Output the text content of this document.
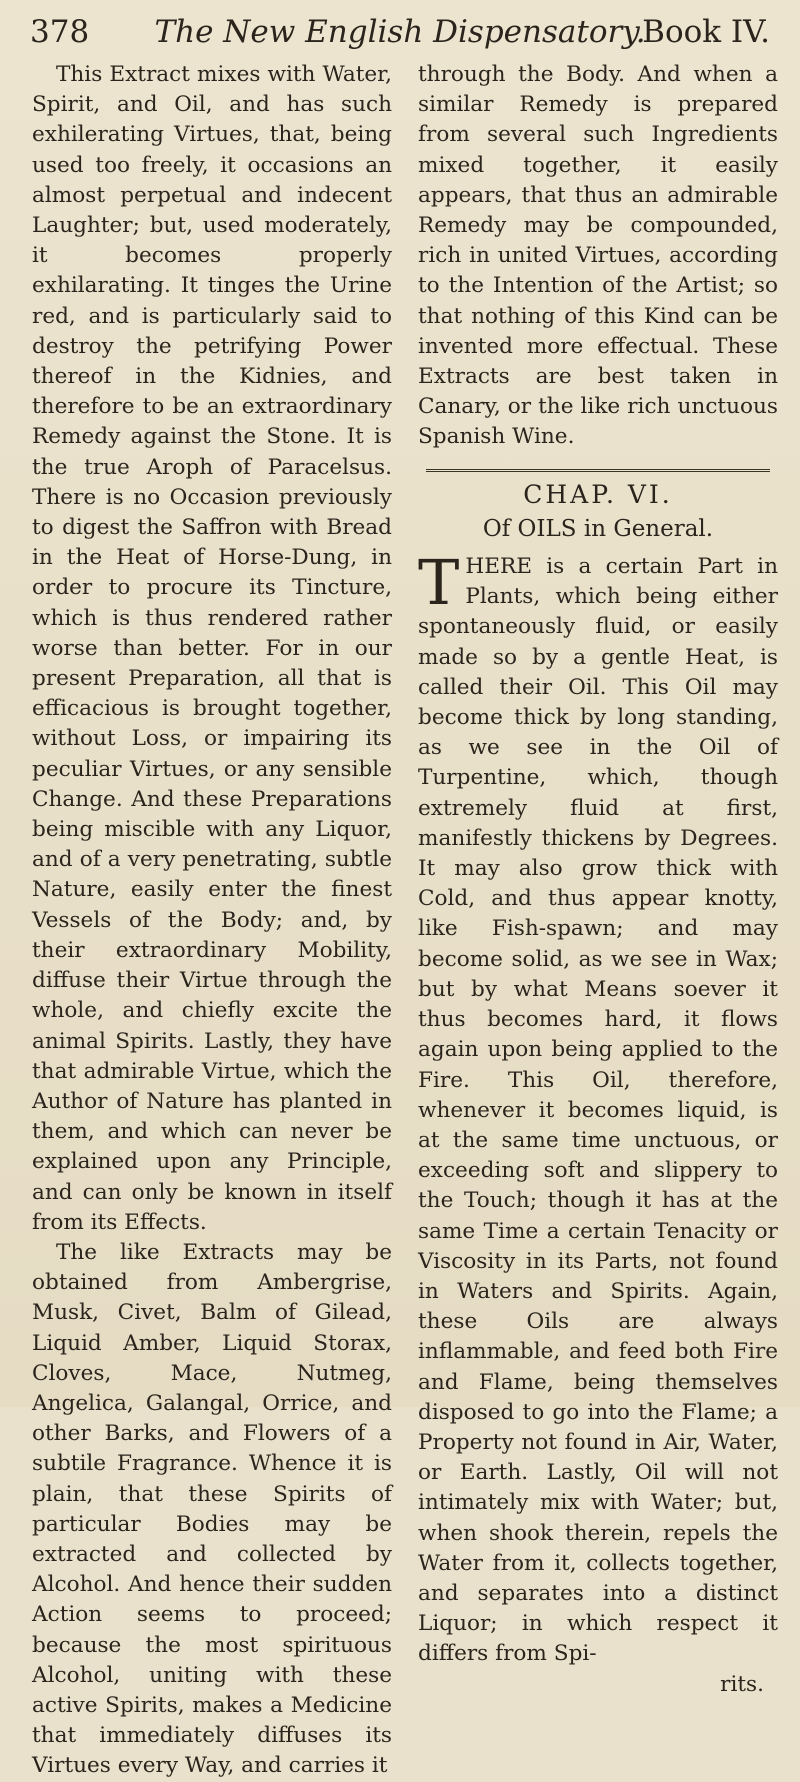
378	The New English Dispensatory.
Book IV.

This Extract mixes with Water, Spirit, and Oil, and has such exhilerating Virtues, that, being used too freely, it occasions an almost perpetual and indecent Laughter; but, used moderately, it becomes properly exhilarating. It tinges the Urine red, and is particularly said to destroy the petrifying Power thereof in the Kidnies, and therefore to be an extraordinary Remedy against the Stone. It is the true Aroph of Paracelsus. There is no Occasion previously to digest the Saffron with Bread in the Heat of Horse-Dung, in order to procure its Tincture, which is thus rendered rather worse than better. For in our present Preparation, all that is efficacious is brought together, without Loss, or impairing its peculiar Virtues, or any sensible Change. And these Preparations being miscible with any Liquor, and of a very penetrating, subtle Nature, easily enter the finest Vessels of the Body; and, by their extraordinary Mobility, diffuse their Virtue through the whole, and chiefly excite the animal Spirits. Lastly, they have that admirable Virtue, which the Author of Nature has planted in them, and which can never be explained upon any Principle, and can only be known in itself from its Effects.

The like Extracts may be obtained from Ambergrise, Musk, Civet, Balm of Gilead, Liquid Amber, Liquid Storax, Cloves, Mace, Nutmeg, Angelica, Galangal, Orrice, and other Barks, and Flowers of a subtile Fragrance. Whence it is plain, that these Spirits of particular Bodies may be extracted and collected by Alcohol. And hence their sudden Action seems to proceed; because the most spirituous Alcohol, uniting with these active Spirits, makes a Medicine that immediately diffuses its Virtues every Way, and carries it

through the Body. And when a similar Remedy is prepared from several such Ingredients mixed together, it easily appears, that thus an admirable Remedy may be compounded, rich in united Virtues, according to the Intention of the Artist; so that nothing of this Kind can be invented more effectual. These Extracts are best taken in Canary, or the like rich unctuous Spanish Wine.

CHAP. VI.
Of OILS in General.

THERE is a certain Part in Plants, which being either spontaneously fluid, or easily made so by a gentle Heat, is called their Oil. This Oil may become thick by long standing, as we see in the Oil of Turpentine, which, though extremely fluid at first, manifestly thickens by Degrees. It may also grow thick with Cold, and thus appear knotty, like Fish-spawn; and may become solid, as we see in Wax; but by what Means soever it thus becomes hard, it flows again upon being applied to the Fire. This Oil, therefore, whenever it becomes liquid, is at the same time unctuous, or exceeding soft and slippery to the Touch; though it has at the same Time a certain Tenacity or Viscosity in its Parts, not found in Waters and Spirits. Again, these Oils are always inflammable, and feed both Fire and Flame, being themselves disposed to go into the Flame; a Property not found in Air, Water, or Earth. Lastly, Oil will not intimately mix with Water; but, when shook therein, repels the Water from it, collects together, and separates into a distinct Liquor; in which respect it differs from Spi-

rits.
